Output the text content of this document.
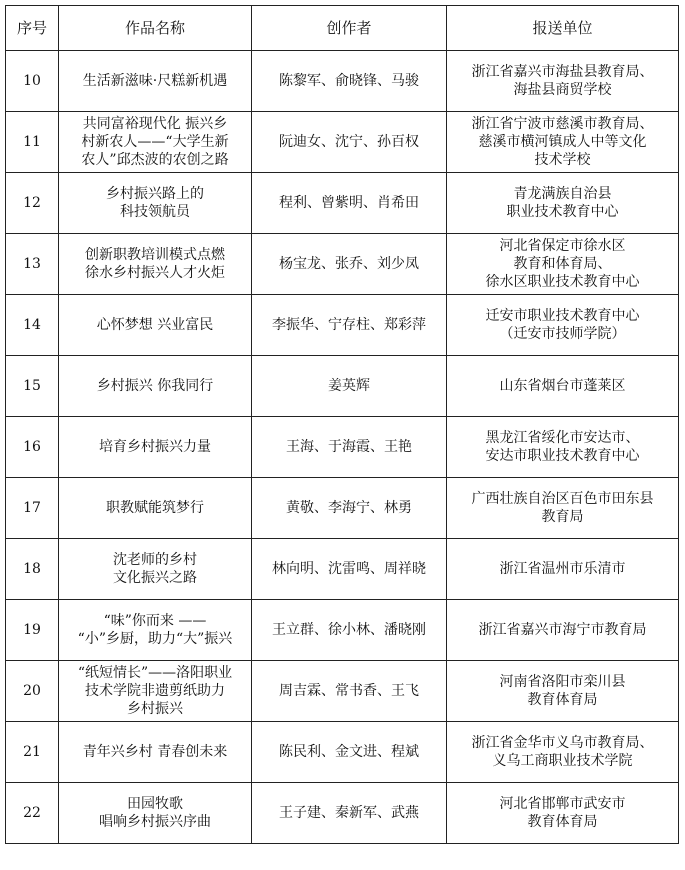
序号	作品名称	创作者	报送单位
10	生活新滋味·尺糕新机遇	陈黎军、俞晓锋、马骏	浙江省嘉兴市海盐县教育局、
海盐县商贸学校

11	共同富裕现代化 振兴乡
村新农人——“大学生新
农人”邱杰波的农创之路	阮迪女、沈宁、孙百权	浙江省宁波市慈溪市教育局、
慈溪市横河镇成人中等文化
技术学校

12	乡村振兴路上的
科技领航员	程利、曾紫明、肖希田	青龙满族自治县
职业技术教育中心

13	创新职教培训模式点燃
徐水乡村振兴人才火炬	杨宝龙、张乔、刘少凤	河北省保定市徐水区
教育和体育局、
徐水区职业技术教育中心

14	心怀梦想 兴业富民	李振华、宁存柱、郑彩萍	迁安市职业技术教育中心
（迁安市技师学院）

15	乡村振兴 你我同行	姜英辉	山东省烟台市蓬莱区

16	培育乡村振兴力量	王海、于海霞、王艳	黑龙江省绥化市安达市、
安达市职业技术教育中心

17	职教赋能筑梦行	黄敬、李海宁、林勇	广西壮族自治区百色市田东县
教育局

18	沈老师的乡村
文化振兴之路	林向明、沈雷鸣、周祥晓	浙江省温州市乐清市

19	“味”你而来 ——
“小”乡厨，助力“大”振兴	王立群、徐小林、潘晓刚	浙江省嘉兴市海宁市教育局

20	“纸短情长”——洛阳职业
技术学院非遗剪纸助力
乡村振兴	周吉霖、常书香、王飞	河南省洛阳市栾川县
教育体育局

21	青年兴乡村 青春创未来	陈民利、金文进、程斌	浙江省金华市义乌市教育局、
义乌工商职业技术学院

22	田园牧歌
唱响乡村振兴序曲	王子建、秦新军、武燕	河北省邯郸市武安市
教育体育局
